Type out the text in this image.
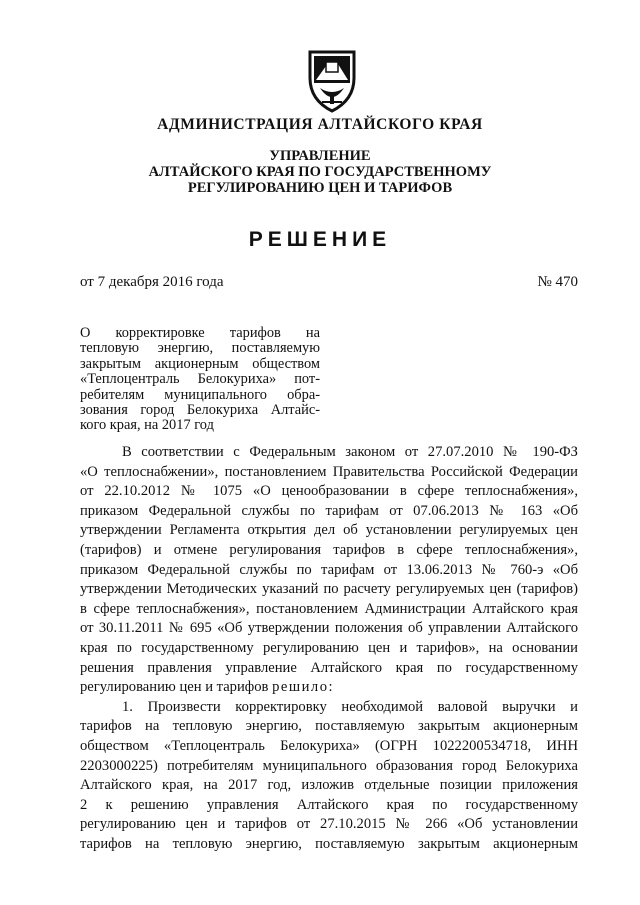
АДМИНИСТРАЦИЯ АЛТАЙСКОГО КРАЯ
УПРАВЛЕНИЕ
АЛТАЙСКОГО КРАЯ ПО ГОСУДАРСТВЕННОМУ
РЕГУЛИРОВАНИЮ ЦЕН И ТАРИФОВ
РЕШЕНИЕ
от 7 декабря 2016 года	№ 470
О корректировке тарифов на
тепловую энергию, поставляемую
закрытым акционерным обществом
«Теплоцентраль Белокуриха» пот-
ребителям муниципального обра-
зования город Белокуриха Алтайс-
кого края, на 2017 год
В соответствии с Федеральным законом от 27.07.2010 № 190-ФЗ
«О теплоснабжении», постановлением Правительства Российской Федерации
от 22.10.2012 № 1075 «О ценообразовании в сфере теплоснабжения»,
приказом Федеральной службы по тарифам от 07.06.2013 № 163 «Об
утверждении Регламента открытия дел об установлении регулируемых цен
(тарифов) и отмене регулирования тарифов в сфере теплоснабжения»,
приказом Федеральной службы по тарифам от 13.06.2013 № 760-э «Об
утверждении Методических указаний по расчету регулируемых цен (тарифов)
в сфере теплоснабжения», постановлением Администрации Алтайского края
от 30.11.2011 № 695 «Об утверждении положения об управлении Алтайского
края по государственному регулированию цен и тарифов», на основании
решения правления управление Алтайского края по государственному
регулированию цен и тарифов решило:
1. Произвести корректировку необходимой валовой выручки и
тарифов на тепловую энергию, поставляемую закрытым акционерным
обществом «Теплоцентраль Белокуриха» (ОГРН 1022200534718, ИНН
2203000225) потребителям муниципального образования город Белокуриха
Алтайского края, на 2017 год, изложив отдельные позиции приложения
2 к решению управления Алтайского края по государственному
регулированию цен и тарифов от 27.10.2015 № 266 «Об установлении
тарифов на тепловую энергию, поставляемую закрытым акционерным
